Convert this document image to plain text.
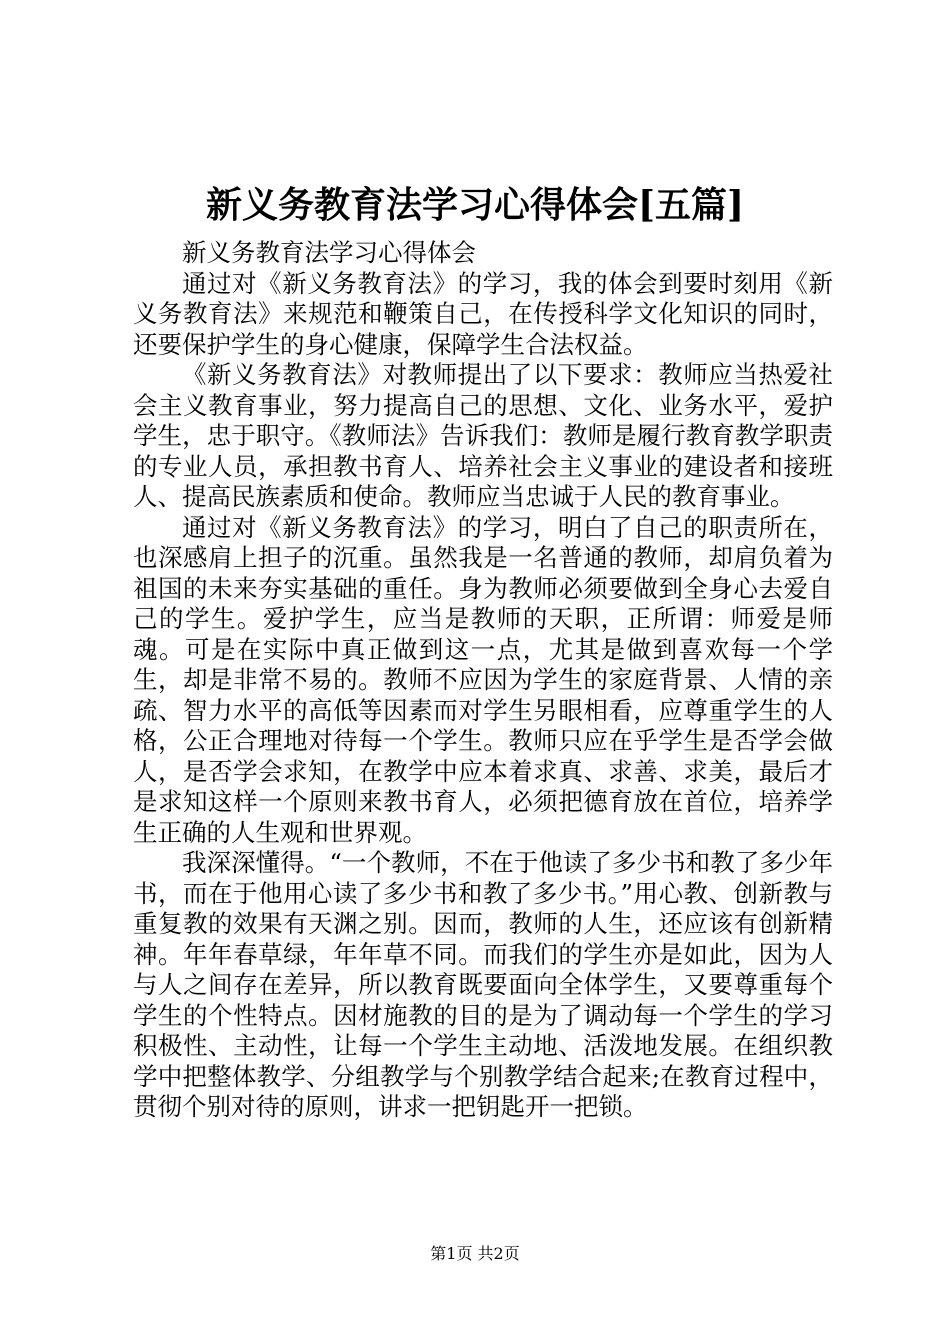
新义务教育法学习心得体会[五篇]

新义务教育法学习心得体会

通过对《新义务教育法》的学习，我的体会到要时刻用《新义务教育法》来规范和鞭策自己，在传授科学文化知识的同时，还要保护学生的身心健康，保障学生合法权益。

《新义务教育法》对教师提出了以下要求：教师应当热爱社会主义教育事业，努力提高自己的思想、文化、业务水平，爱护学生，忠于职守。《教师法》告诉我们：教师是履行教育教学职责的专业人员，承担教书育人、培养社会主义事业的建设者和接班人、提高民族素质和使命。教师应当忠诚于人民的教育事业。

通过对《新义务教育法》的学习，明白了自己的职责所在，也深感肩上担子的沉重。虽然我是一名普通的教师，却肩负着为祖国的未来夯实基础的重任。身为教师必须要做到全身心去爱自己的学生。爱护学生，应当是教师的天职，正所谓：师爱是师魂。可是在实际中真正做到这一点，尤其是做到喜欢每一个学生，却是非常不易的。教师不应因为学生的家庭背景、人情的亲疏、智力水平的高低等因素而对学生另眼相看，应尊重学生的人格，公正合理地对待每一个学生。教师只应在乎学生是否学会做人，是否学会求知，在教学中应本着求真、求善、求美，最后才是求知这样一个原则来教书育人，必须把德育放在首位，培养学生正确的人生观和世界观。

我深深懂得。“一个教师，不在于他读了多少书和教了多少年书，而在于他用心读了多少书和教了多少书。”用心教、创新教与重复教的效果有天渊之别。因而，教师的人生，还应该有创新精神。年年春草绿，年年草不同。而我们的学生亦是如此，因为人与人之间存在差异，所以教育既要面向全体学生，又要尊重每个学生的个性特点。因材施教的目的是为了调动每一个学生的学习积极性、主动性，让每一个学生主动地、活泼地发展。在组织教学中把整体教学、分组教学与个别教学结合起来;在教育过程中，贯彻个别对待的原则，讲求一把钥匙开一把锁。

第1页 共2页
